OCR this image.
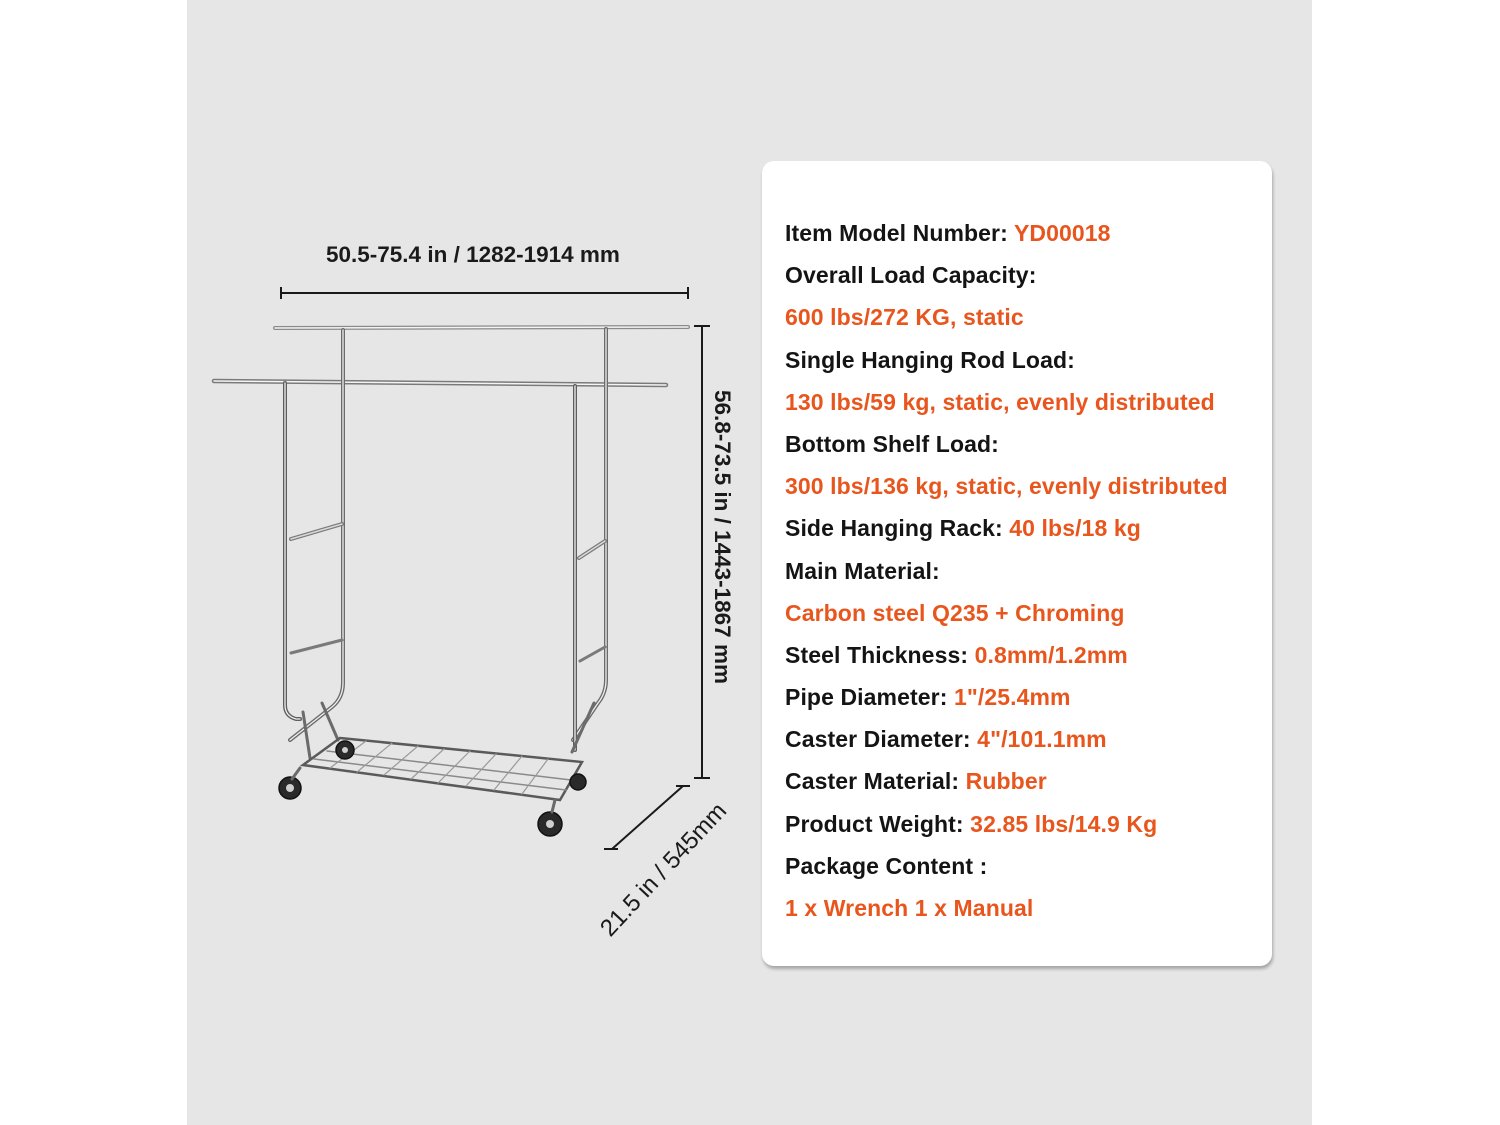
50.5-75.4 in / 1282-1914 mm
56.8-73.5 in / 1443-1867 mm
21.5 in / 545mm
Item Model Number: YD00018
Overall Load Capacity:
600 lbs/272 KG, static
Single Hanging Rod Load:
130 lbs/59 kg, static, evenly distributed
Bottom Shelf Load:
300 lbs/136 kg, static, evenly distributed
Side Hanging Rack: 40 lbs/18 kg
Main Material:
Carbon steel Q235 + Chroming
Steel Thickness: 0.8mm/1.2mm
Pipe Diameter: 1"/25.4mm
Caster Diameter: 4"/101.1mm
Caster Material: Rubber
Product Weight: 32.85 lbs/14.9 Kg
Package Content :
1 x Wrench 1 x Manual
